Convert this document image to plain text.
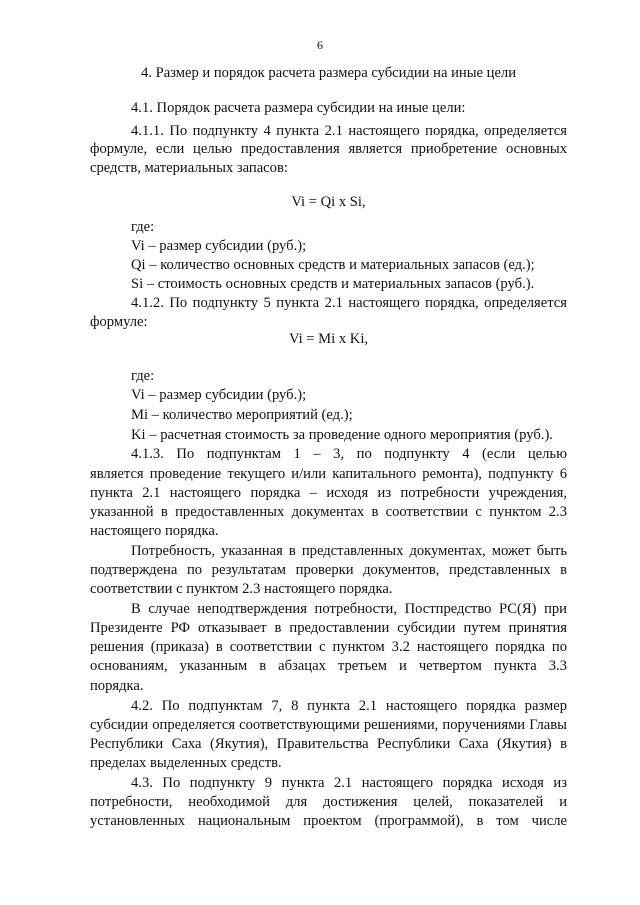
6
4. Размер и порядок расчета размера субсидии на иные цели
4.1. Порядок расчета размера субсидии на иные цели:
4.1.1. По подпункту 4 пункта 2.1 настоящего порядка, определяется
формуле, если целью предоставления является приобретение основных
средств, материальных запасов:
Vi = Qi x Si,
где:
Vi – размер субсидии (руб.);
Qi – количество основных средств и материальных запасов (ед.);
Si – стоимость основных средств и материальных запасов (руб.).
4.1.2. По подпункту 5 пункта 2.1 настоящего порядка, определяется
формуле:
Vi = Mi x Ki,
где:
Vi – размер субсидии (руб.);
Mi – количество мероприятий (ед.);
Ki – расчетная стоимость за проведение одного мероприятия (руб.).
4.1.3. По подпунктам 1 – 3, по подпункту 4 (если целью
является проведение текущего и/или капитального ремонта), подпункту 6
пункта 2.1 настоящего порядка – исходя из потребности учреждения,
указанной в предоставленных документах в соответствии с пунктом 2.3
настоящего порядка.
Потребность, указанная в представленных документах, может быть
подтверждена по результатам проверки документов, представленных в
соответствии с пунктом 2.3 настоящего порядка.
В случае неподтверждения потребности, Постпредство РС(Я) при
Президенте РФ отказывает в предоставлении субсидии путем принятия
решения (приказа) в соответствии с пунктом 3.2 настоящего порядка по
основаниям, указанным в абзацах третьем и четвертом пункта 3.3
порядка.
4.2. По подпунктам 7, 8 пункта 2.1 настоящего порядка размер
субсидии определяется соответствующими решениями, поручениями Главы
Республики Саха (Якутия), Правительства Республики Саха (Якутия) в
пределах выделенных средств.
4.3. По подпункту 9 пункта 2.1 настоящего порядка исходя из
потребности, необходимой для достижения целей, показателей и
установленных национальным проектом (программой), в том числе
